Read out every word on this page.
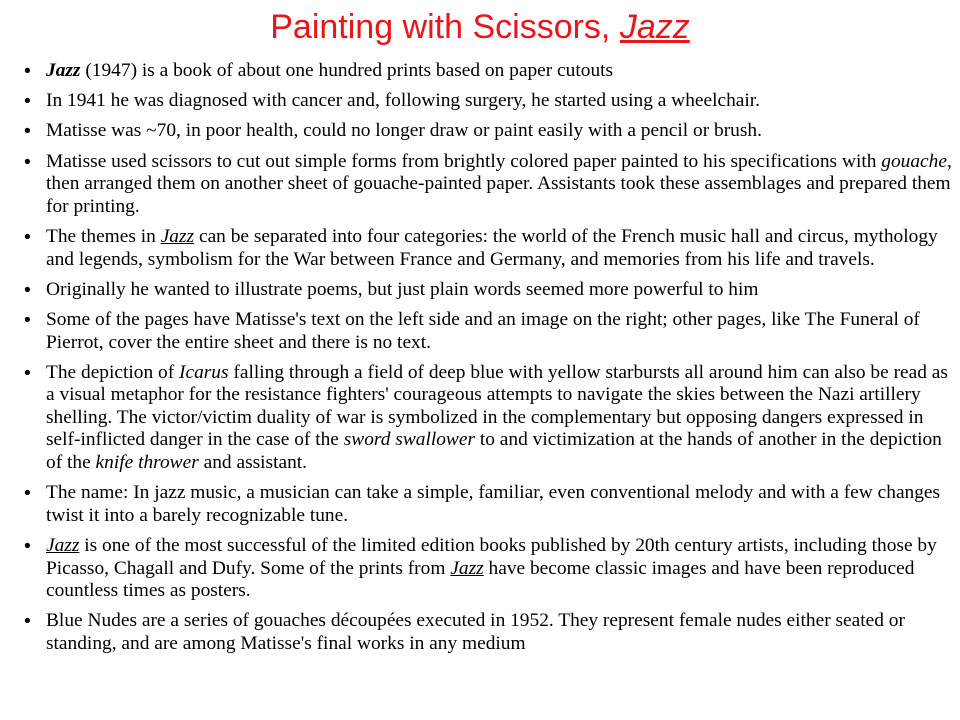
Painting with Scissors, Jazz
• Jazz (1947) is a book of about one hundred prints based on paper cutouts
• In 1941 he was diagnosed with cancer and, following surgery, he started using a wheelchair.
• Matisse was ~70, in poor health, could no longer draw or paint easily with a pencil or brush.
• Matisse used scissors to cut out simple forms from brightly colored paper painted to his specifications with gouache, then arranged them on another sheet of gouache-painted paper. Assistants took these assemblages and prepared them for printing.
• The themes in Jazz can be separated into four categories: the world of the French music hall and circus, mythology and legends, symbolism for the War between France and Germany, and memories from his life and travels.
• Originally he wanted to illustrate poems, but just plain words seemed more powerful to him
• Some of the pages have Matisse's text on the left side and an image on the right; other pages, like The Funeral of Pierrot, cover the entire sheet and there is no text.
• The depiction of Icarus falling through a field of deep blue with yellow starbursts all around him can also be read as a visual metaphor for the resistance fighters' courageous attempts to navigate the skies between the Nazi artillery shelling. The victor/victim duality of war is symbolized in the complementary but opposing dangers expressed in self-inflicted danger in the case of the sword swallower to and victimization at the hands of another in the depiction of the knife thrower and assistant.
• The name: In jazz music, a musician can take a simple, familiar, even conventional melody and with a few changes twist it into a barely recognizable tune.
• Jazz is one of the most successful of the limited edition books published by 20th century artists, including those by Picasso, Chagall and Dufy. Some of the prints from Jazz have become classic images and have been reproduced countless times as posters.
• Blue Nudes are a series of gouaches découpées executed in 1952. They represent female nudes either seated or standing, and are among Matisse's final works in any medium
